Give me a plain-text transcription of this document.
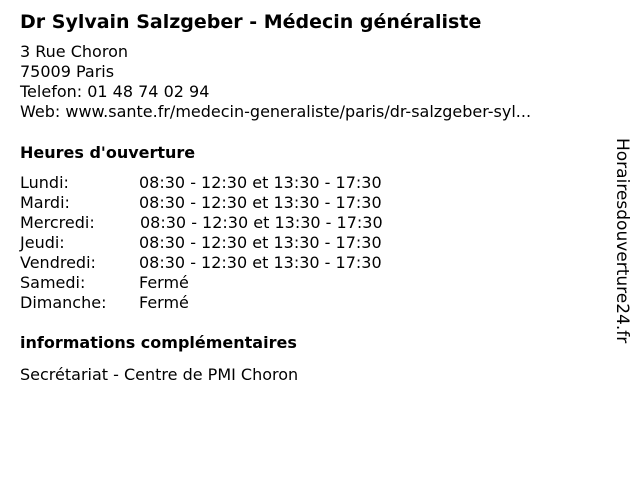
Dr Sylvain Salzgeber - Médecin généraliste
3 Rue Choron
75009 Paris
Telefon: 01 48 74 02 94
Web: www.sante.fr/medecin-generaliste/paris/dr-salzgeber-syl...
Heures d'ouverture
Lundi:	08:30 - 12:30 et 13:30 - 17:30
Mardi:	08:30 - 12:30 et 13:30 - 17:30
Mercredi:	08:30 - 12:30 et 13:30 - 17:30
Jeudi:	08:30 - 12:30 et 13:30 - 17:30
Vendredi:	08:30 - 12:30 et 13:30 - 17:30
Samedi:	Fermé
Dimanche:	Fermé
informations complémentaires
Secrétariat - Centre de PMI Choron
Horairesdouverture24.fr
